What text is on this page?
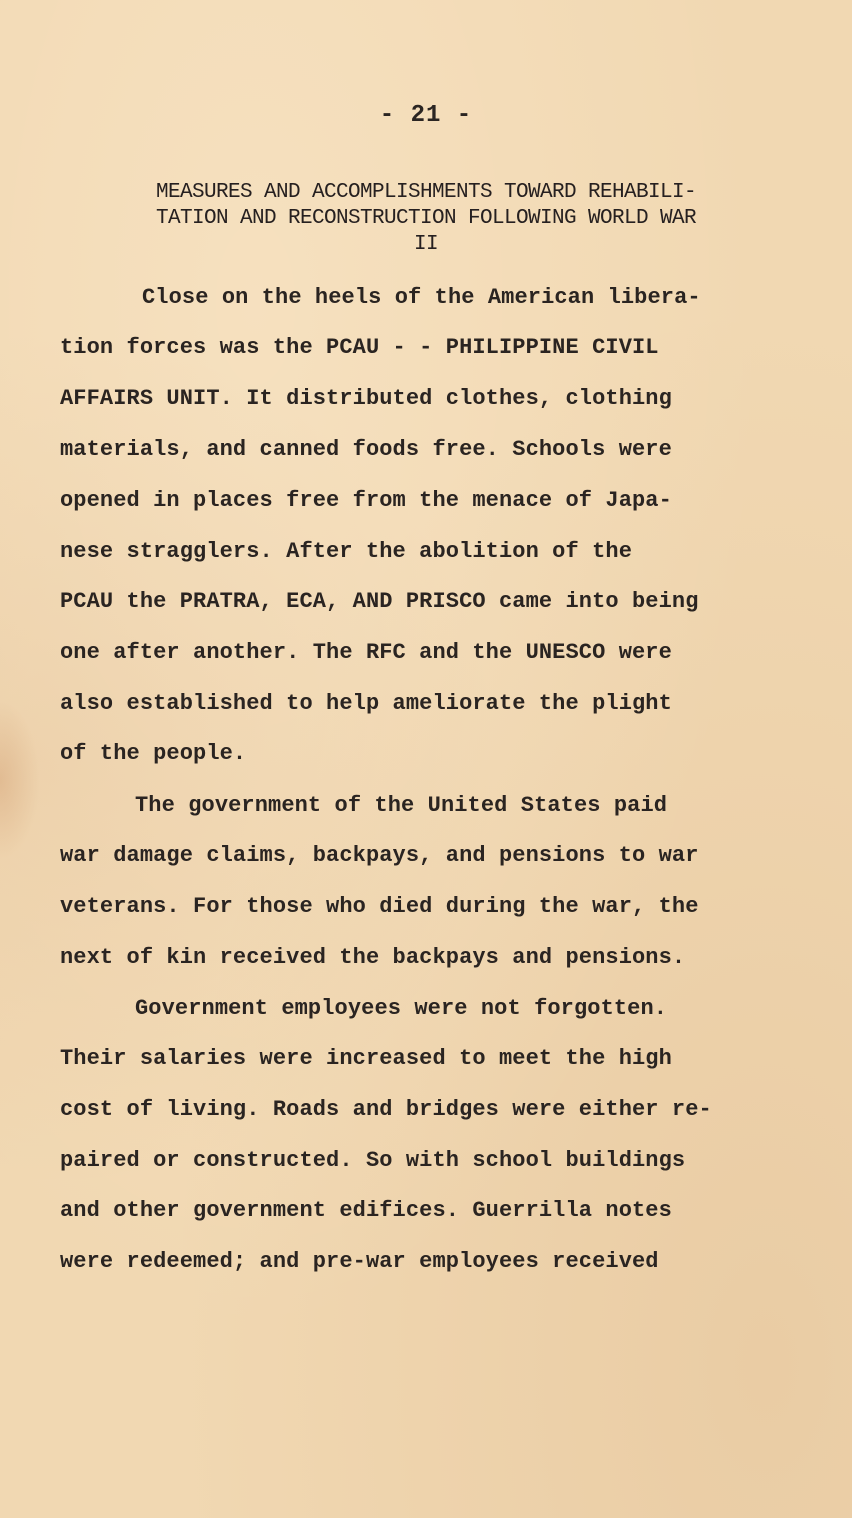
- 21 -
MEASURES AND ACCOMPLISHMENTS TOWARD REHABILI-
TATION AND RECONSTRUCTION FOLLOWING WORLD WAR
II
Close on the heels of the American libera-
tion forces was the PCAU - - PHILIPPINE CIVIL
AFFAIRS UNIT. It distributed clothes, clothing
materials, and canned foods free. Schools were
opened in places free from the menace of Japa-
nese stragglers. After the abolition of the
PCAU the PRATRA, ECA, AND PRISCO came into being
one after another. The RFC and the UNESCO were
also established to help ameliorate the plight
of the people.
The government of the United States paid
war damage claims, backpays, and pensions to war
veterans. For those who died during the war, the
next of kin received the backpays and pensions.
Government employees were not forgotten.
Their salaries were increased to meet the high
cost of living. Roads and bridges were either re-
paired or constructed. So with school buildings
and other government edifices. Guerrilla notes
were redeemed; and pre-war employees received
